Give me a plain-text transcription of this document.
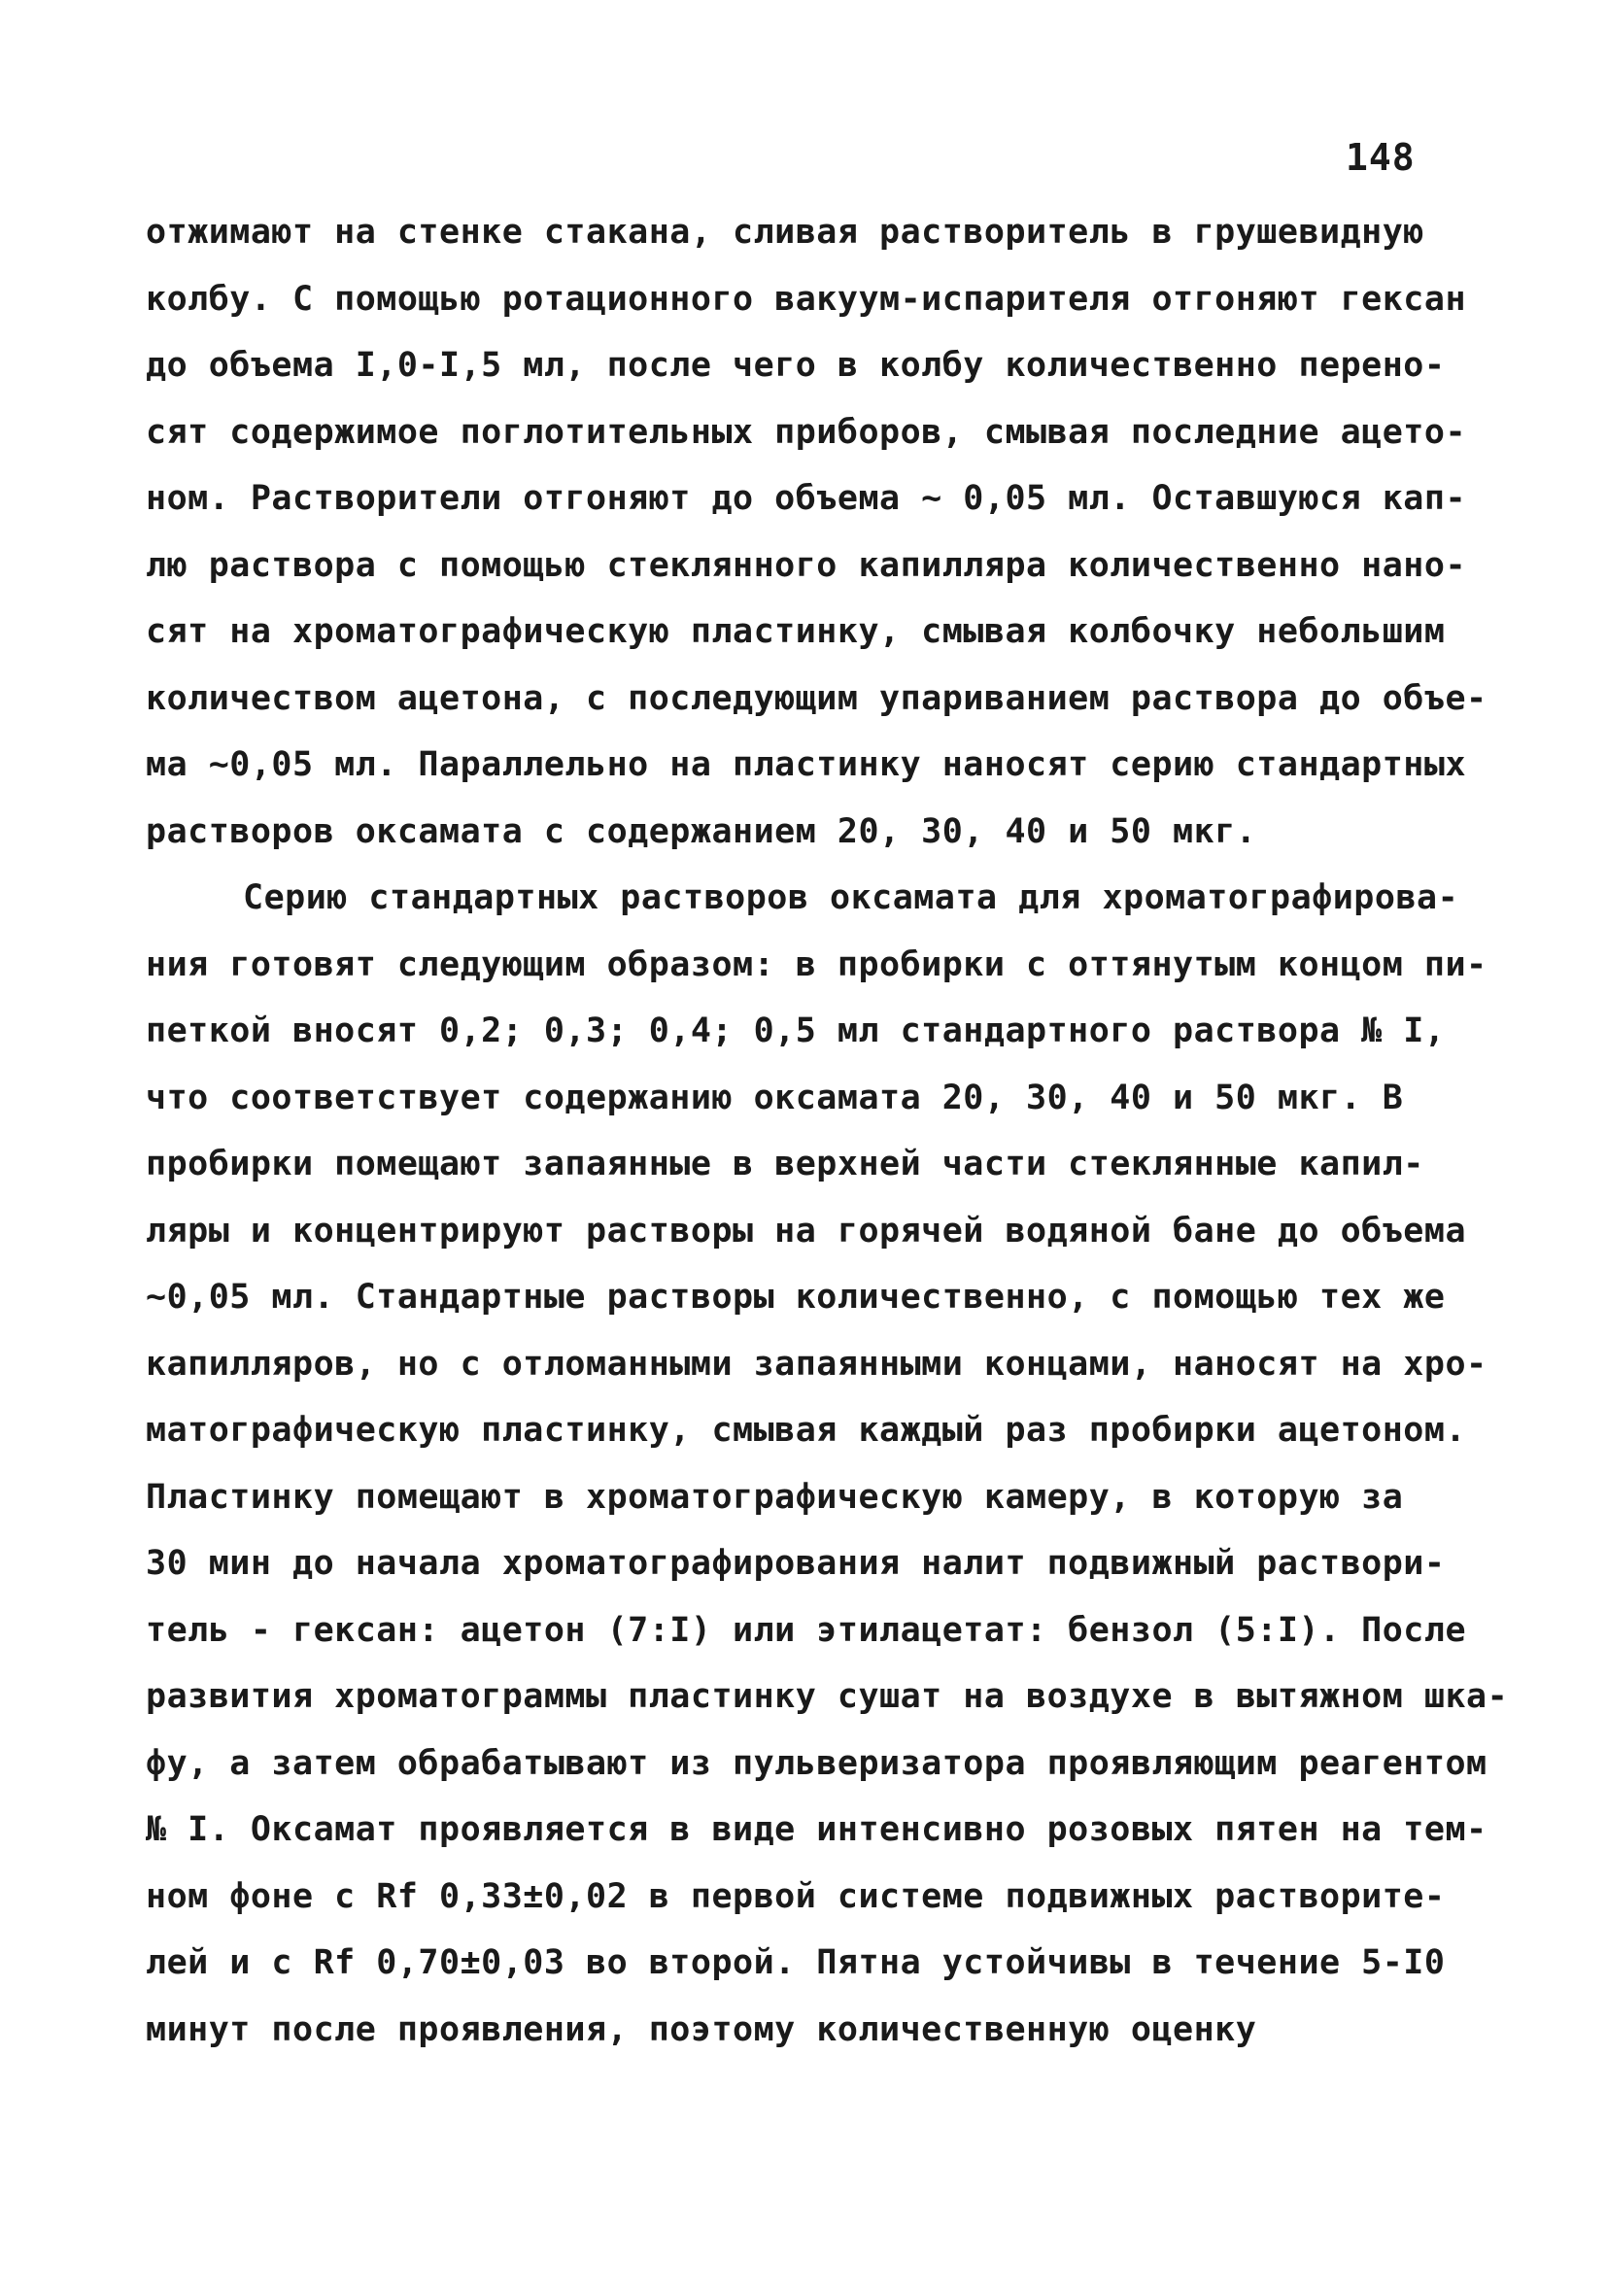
148
отжимают на стенке стакана, сливая растворитель в грушевидную
колбу. С помощью ротационного вакуум-испарителя отгоняют гексан
до объема I,0-I,5 мл, после чего в колбу количественно перено-
сят содержимое поглотительных приборов, смывая последние ацето-
ном. Растворители отгоняют до объема ~ 0,05 мл. Оставшуюся кап-
лю раствора с помощью стеклянного капилляра количественно нано-
сят на хроматографическую пластинку, смывая колбочку небольшим
количеством ацетона, с последующим упариванием раствора до объе-
ма ~0,05 мл. Параллельно на пластинку наносят серию стандартных
растворов оксамата с содержанием 20, 30, 40 и 50 мкг.
Серию стандартных растворов оксамата для хроматографирова-
ния готовят следующим образом: в пробирки с оттянутым концом пи-
петкой вносят 0,2; 0,3; 0,4; 0,5 мл стандартного раствора № I,
что соответствует содержанию оксамата 20, 30, 40 и 50 мкг. В
пробирки помещают запаянные в верхней части стеклянные капил-
ляры и концентрируют растворы на горячей водяной бане до объема
~0,05 мл. Стандартные растворы количественно, с помощью тех же
капилляров, но с отломанными запаянными концами, наносят на хро-
матографическую пластинку, смывая каждый раз пробирки ацетоном.
Пластинку помещают в хроматографическую камеру, в которую за
30 мин до начала хроматографирования налит подвижный раствори-
тель - гексан: ацетон (7:I) или этилацетат: бензол (5:I). После
развития хроматограммы пластинку сушат на воздухе в вытяжном шка-
фу, а затем обрабатывают из пульверизатора проявляющим реагентом
№ I. Оксамат проявляется в виде интенсивно розовых пятен на тем-
ном фоне с Rf 0,33±0,02 в первой системе подвижных растворите-
лей и с Rf 0,70±0,03 во второй. Пятна устойчивы в течение 5-I0
минут после проявления, поэтому количественную оценку
